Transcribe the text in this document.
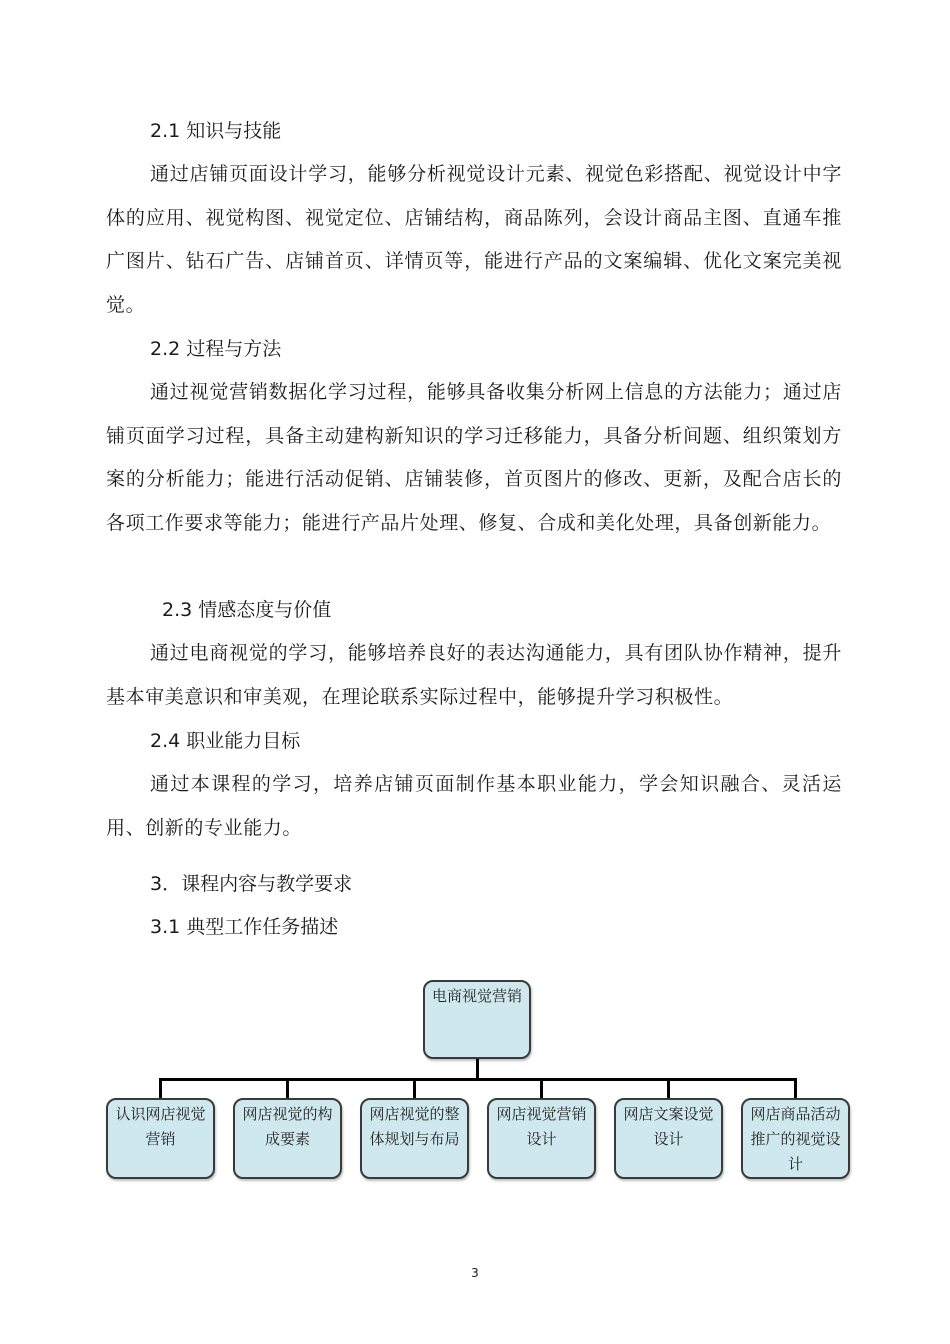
2.1 知识与技能

通过店铺页面设计学习，能够分析视觉设计元素、视觉色彩搭配、视觉设计中字体的应用、视觉构图、视觉定位、店铺结构，商品陈列，会设计商品主图、直通车推广图片、钻石广告、店铺首页、详情页等，能进行产品的文案编辑、优化文案完美视觉。

2.2 过程与方法

通过视觉营销数据化学习过程，能够具备收集分析网上信息的方法能力；通过店铺页面学习过程，具备主动建构新知识的学习迁移能力，具备分析间题、组织策划方案的分析能力；能进行活动促销、店铺装修，首页图片的修改、更新，及配合店长的各项工作要求等能力；能进行产品片处理、修复、合成和美化处理，具备创新能力。

2.3 情感态度与价值

通过电商视觉的学习，能够培养良好的表达沟通能力，具有团队协作精神，提升基本审美意识和审美观，在理论联系实际过程中，能够提升学习积极性。

2.4 职业能力目标

通过本课程的学习，培养店铺页面制作基本职业能力，学会知识融合、灵活运用、创新的专业能力。

3．课程内容与教学要求
3.1 典型工作任务描述
电商视觉营销
认识网店视觉营销
网店视觉的构成要素
网店视觉的整体规划与布局
网店视觉营销设计
网店文案设觉设计
网店商品活动推广的视觉设计
3
